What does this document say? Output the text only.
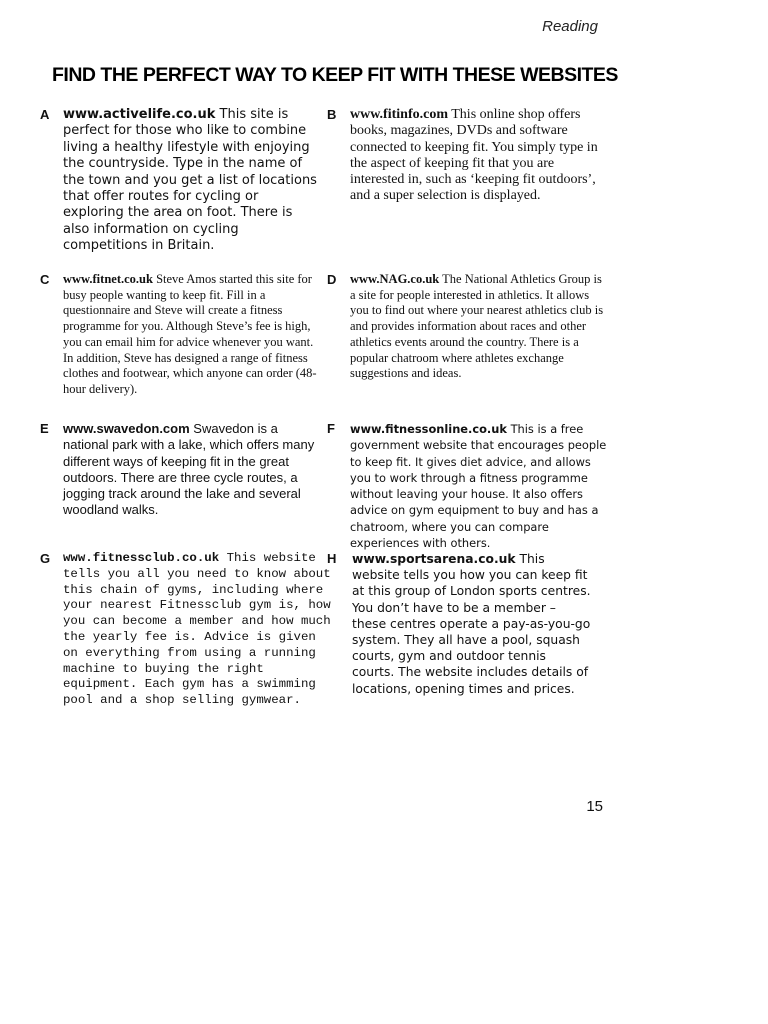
Reading
FIND THE PERFECT WAY TO KEEP FIT WITH THESE WEBSITES
A www.activelife.co.uk This site is perfect for those who like to combine living a healthy lifestyle with enjoying the countryside. Type in the name of the town and you get a list of locations that offer routes for cycling or exploring the area on foot. There is also information on cycling competitions in Britain.
B www.fitinfo.com This online shop offers books, magazines, DVDs and software connected to keeping fit. You simply type in the aspect of keeping fit that you are interested in, such as ‘keeping fit outdoors’, and a super selection is displayed.
C www.fitnet.co.uk Steve Amos started this site for busy people wanting to keep fit. Fill in a questionnaire and Steve will create a fitness programme for you. Although Steve’s fee is high, you can email him for advice whenever you want. In addition, Steve has designed a range of fitness clothes and footwear, which anyone can order (48-hour delivery).
D www.NAG.co.uk The National Athletics Group is a site for people interested in athletics. It allows you to find out where your nearest athletics club is and provides information about races and other athletics events around the country. There is a popular chatroom where athletes exchange suggestions and ideas.
E www.swavedon.com Swavedon is a national park with a lake, which offers many different ways of keeping fit in the great outdoors. There are three cycle routes, a jogging track around the lake and several woodland walks.
F www.fitnessonline.co.uk This is a free government website that encourages people to keep fit. It gives diet advice, and allows you to work through a fitness programme without leaving your house. It also offers advice on gym equipment to buy and has a chatroom, where you can compare experiences with others.
G www.fitnessclub.co.uk This website tells you all you need to know about this chain of gyms, including where your nearest Fitnessclub gym is, how you can become a member and how much the yearly fee is. Advice is given on everything from using a running machine to buying the right equipment. Each gym has a swimming pool and a shop selling gymwear.
H www.sportsarena.co.uk This website tells you how you can keep fit at this group of London sports centres. You don’t have to be a member – these centres operate a pay-as-you-go system. They all have a pool, squash courts, gym and outdoor tennis courts. The website includes details of locations, opening times and prices.
15
